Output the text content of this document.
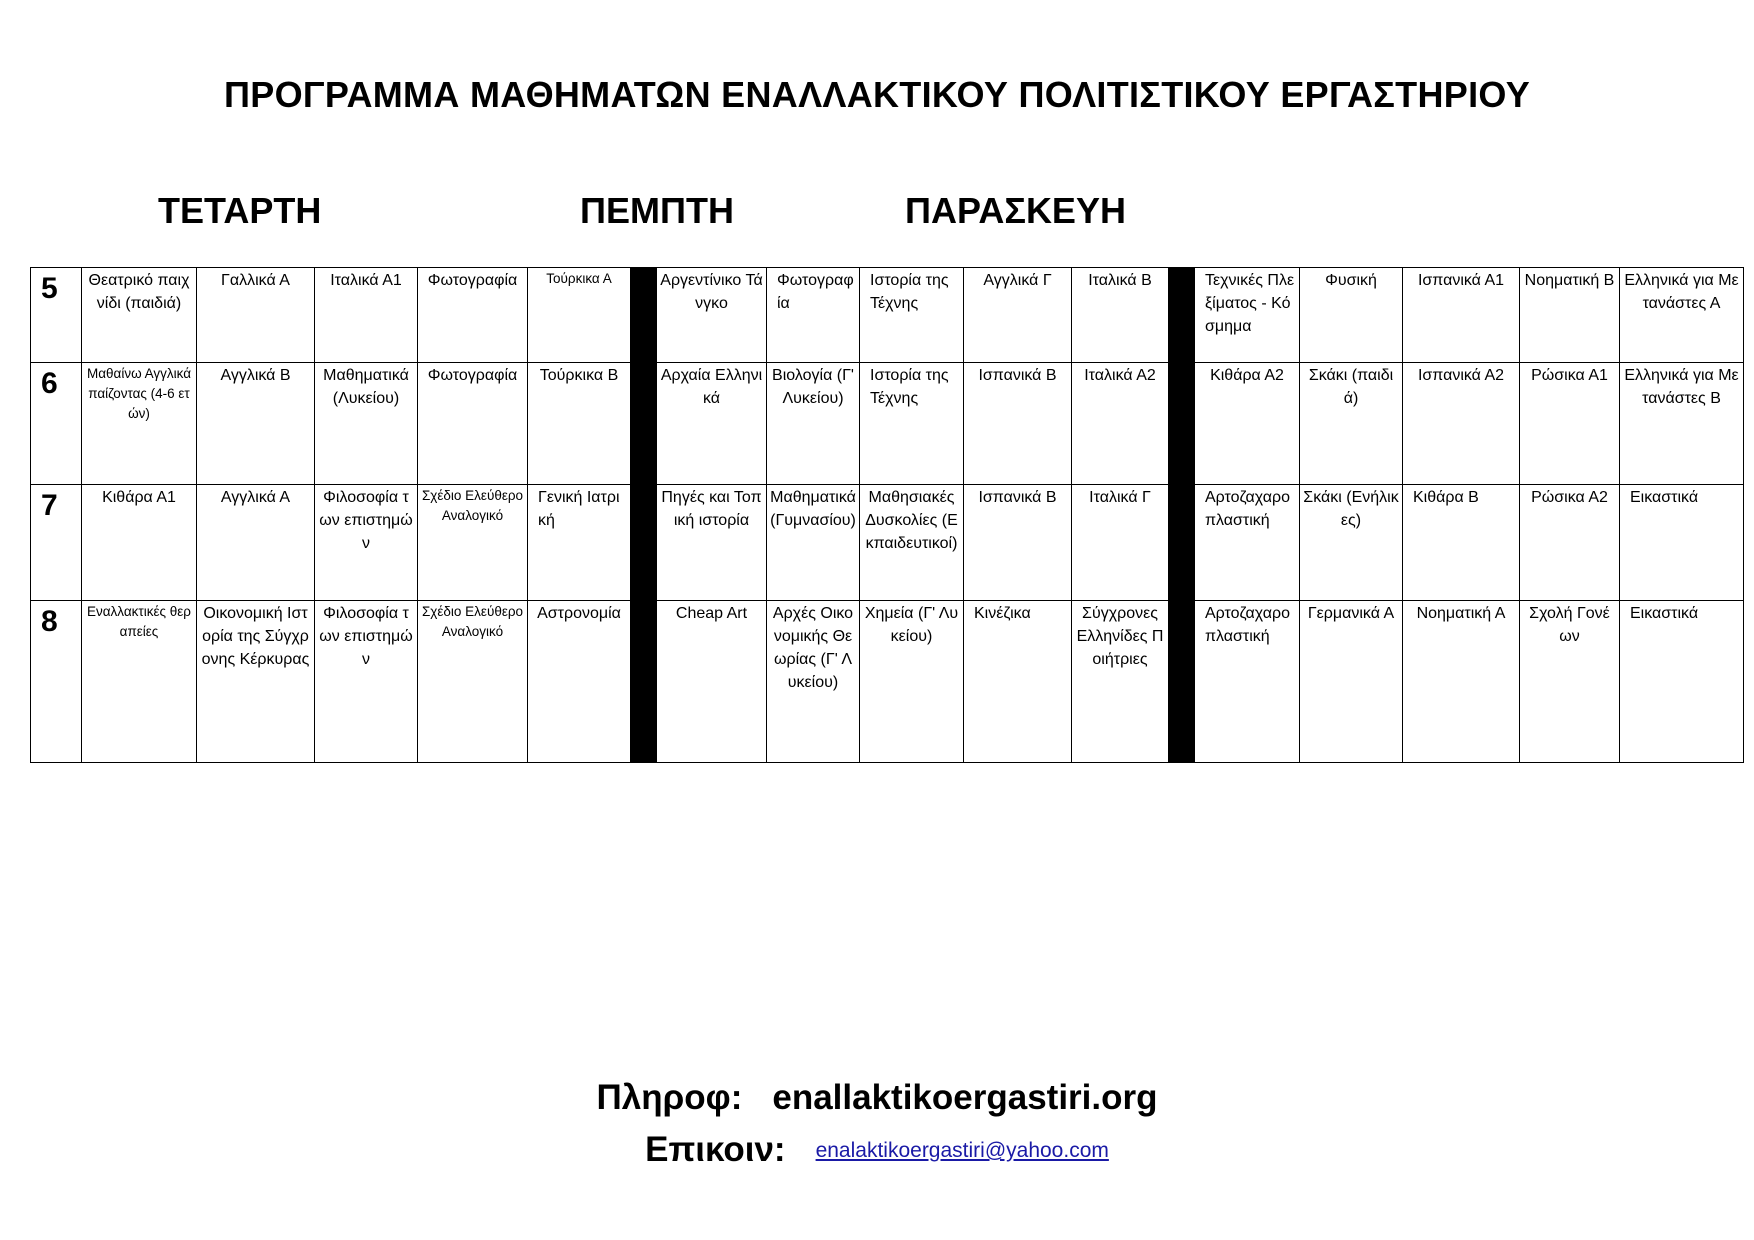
ΠΡΟΓΡΑΜΜΑ ΜΑΘΗΜΑΤΩΝ ΕΝΑΛΛΑΚΤΙΚΟΥ ΠΟΛΙΤΙΣΤΙΚΟΥ ΕΡΓΑΣΤΗΡΙΟΥ
ΤΕΤΑΡΤΗ	ΠΕΜΠΤΗ	ΠΑΡΑΣΚΕΥΗ
5	Θεατρικό παιχνίδι (παιδιά)	Γαλλικά Α	Ιταλικά Α1	Φωτογραφία	Τούρκικα Α		Αργεντίνικο Τάνγκο	Φωτογραφία	Ιστορία της Τέχνης	Αγγλικά Γ	Ιταλικά Β		Τεχνικές Πλεξίματος - Κόσμημα	Φυσική	Ισπανικά Α1	Νοηματική Β	Ελληνικά για Μετανάστες Α
6	Μαθαίνω Αγγλικά παίζοντας (4-6 ετών)	Αγγλικά Β	Μαθηματικά (Λυκείου)	Φωτογραφία	Τούρκικα Β		Αρχαία Ελληνικά	Βιολογία (Γ' Λυκείου)	Ιστορία της Τέχνης	Ισπανικά Β	Ιταλικά Α2		Κιθάρα Α2	Σκάκι (παιδιά)	Ισπανικά Α2	Ρώσικα Α1	Ελληνικά για Μετανάστες Β
7	Κιθάρα Α1	Αγγλικά Α	Φιλοσοφία των επιστημών	Σχέδιο Ελεύθερο Αναλογικό	Γενική Ιατρική		Πηγές και Τοπική ιστορία	Μαθηματικά (Γυμνασίου)	Μαθησιακές Δυσκολίες (Εκπαιδευτικοί)	Ισπανικά Β	Ιταλικά Γ		Αρτοζαχαροπλαστική	Σκάκι (Ενήλικες)	Κιθάρα Β	Ρώσικα Α2	Εικαστικά
8	Εναλλακτικές θεραπείες	Οικονομική Ιστορία της Σύγχρονης Κέρκυρας	Φιλοσοφία των επιστημών	Σχέδιο Ελεύθερο Αναλογικό	Αστρονομία		Cheap Art	Αρχές Οικονομικής Θεωρίας (Γ' Λυκείου)	Χημεία (Γ' Λυκείου)	Κινέζικα	Σύγχρονες Ελληνίδες Ποιήτριες		Αρτοζαχαροπλαστική	Γερμανικά Α	Νοηματική Α	Σχολή Γονέων	Εικαστικά
Πληροφ: enallaktikoergastiri.org
Επικοιν: enalaktikoergastiri@yahoo.com
